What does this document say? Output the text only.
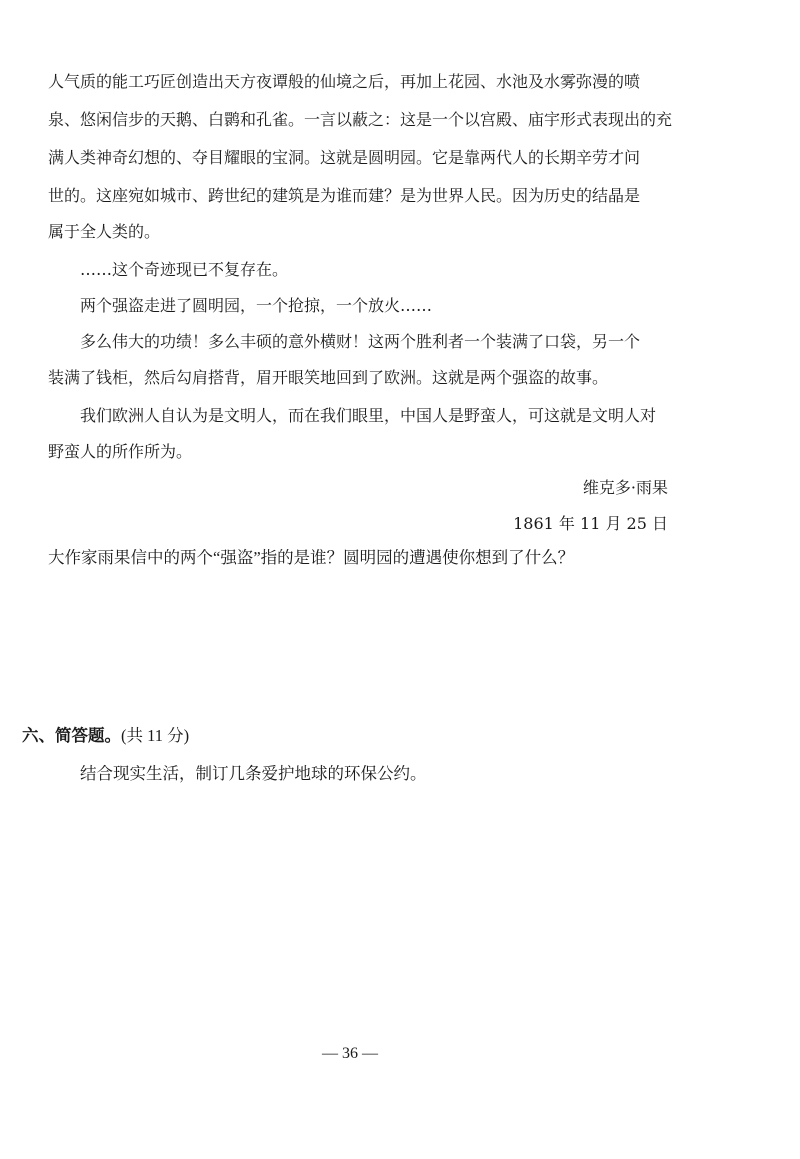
人气质的能工巧匠创造出天方夜谭般的仙境之后，再加上花园、水池及水雾弥漫的喷

泉、悠闲信步的天鹅、白鹮和孔雀。一言以蔽之：这是一个以宫殿、庙宇形式表现出的充

满人类神奇幻想的、夺目耀眼的宝洞。这就是圆明园。它是靠两代人的长期辛劳才问

世的。这座宛如城市、跨世纪的建筑是为谁而建？是为世界人民。因为历史的结晶是

属于全人类的。

……这个奇迹现已不复存在。

两个强盗走进了圆明园，一个抢掠，一个放火……

多么伟大的功绩！多么丰硕的意外横财！这两个胜利者一个装满了口袋，另一个

装满了钱柜，然后勾肩搭背，眉开眼笑地回到了欧洲。这就是两个强盗的故事。

我们欧洲人自认为是文明人，而在我们眼里，中国人是野蛮人，可这就是文明人对

野蛮人的所作所为。

维克多·雨果

1861 年 11 月 25 日

大作家雨果信中的两个“强盗”指的是谁？圆明园的遭遇使你想到了什么？

六、简答题。(共 11 分)
结合现实生活，制订几条爱护地球的环保公约。
— 36 —
